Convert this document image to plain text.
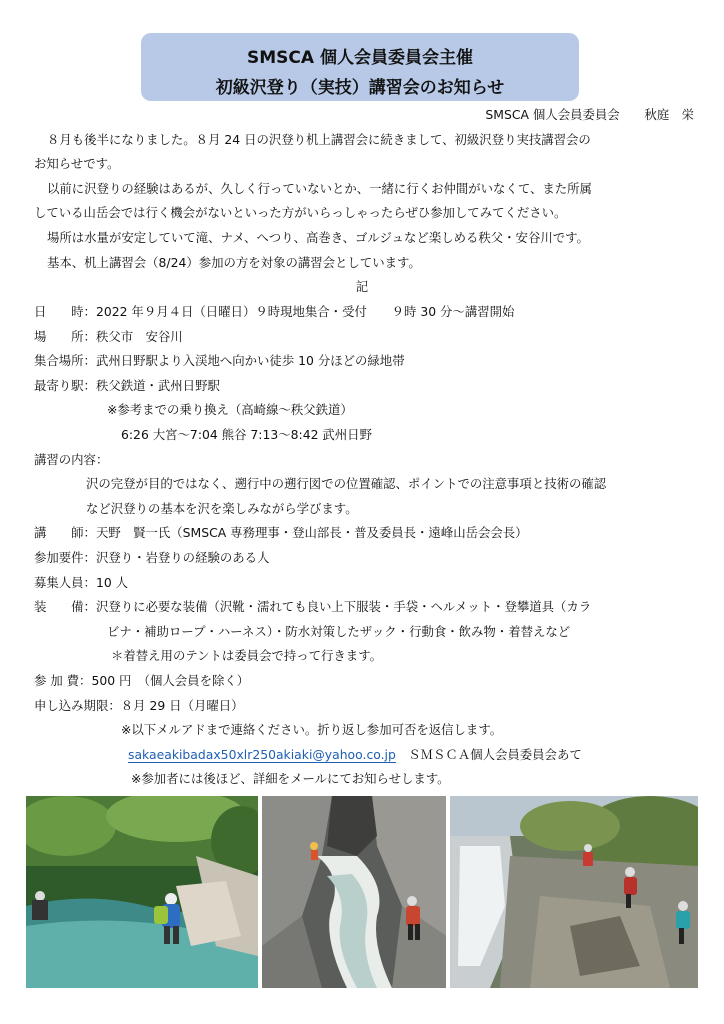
SMSCA 個人会員委員会主催
初級沢登り（実技）講習会のお知らせ
SMSCA 個人会員委員会　　秋庭　栄
８月も後半になりました。８月 24 日の沢登り机上講習会に続きまして、初級沢登り実技講習会の
お知らせです。
以前に沢登りの経験はあるが、久しく行っていないとか、一緒に行くお仲間がいなくて、また所属
している山岳会では行く機会がないといった方がいらっしゃったらぜひ参加してみてください。
場所は水量が安定していて滝、ナメ、へつり、高巻き、ゴルジュなど楽しめる秩父・安谷川です。
基本、机上講習会（8/24）参加の方を対象の講習会としています。
記
日　　時：2022 年９月４日（日曜日）９時現地集合・受付　　９時 30 分～講習開始
場　　所：秩父市　安谷川
集合場所：武州日野駅より入渓地へ向かい徒歩 10 分ほどの緑地帯
最寄り駅：秩父鉄道・武州日野駅
※参考までの乗り換え（高崎線～秩父鉄道）
6:26 大宮～7:04 熊谷 7:13～8:42 武州日野
講習の内容：
沢の完登が目的ではなく、遡行中の遡行図での位置確認、ポイントでの注意事項と技術の確認
など沢登りの基本を沢を楽しみながら学びます。
講　　師：天野　賢一氏（SMSCA 専務理事・登山部長・普及委員長・遠峰山岳会会長）
参加要件：沢登り・岩登りの経験のある人
募集人員：10 人
装　　備：沢登りに必要な装備（沢靴・濡れても良い上下服装・手袋・ヘルメット・登攀道具（カラ
ビナ・補助ロープ・ハーネス）・防水対策したザック・行動食・飲み物・着替えなど
＊着替え用のテントは委員会で持って行きます。
参 加 費：500 円　（個人会員を除く）
申し込み期限：８月 29 日（月曜日）
※以下メルアドまで連絡ください。折り返し参加可否を返信します。
sakaeakibadax50xlr250akiaki@yahoo.co.jp　 ＳＭＳＣＡ個人会員委員会あて
※参加者には後ほど、詳細をメールにてお知らせします。
